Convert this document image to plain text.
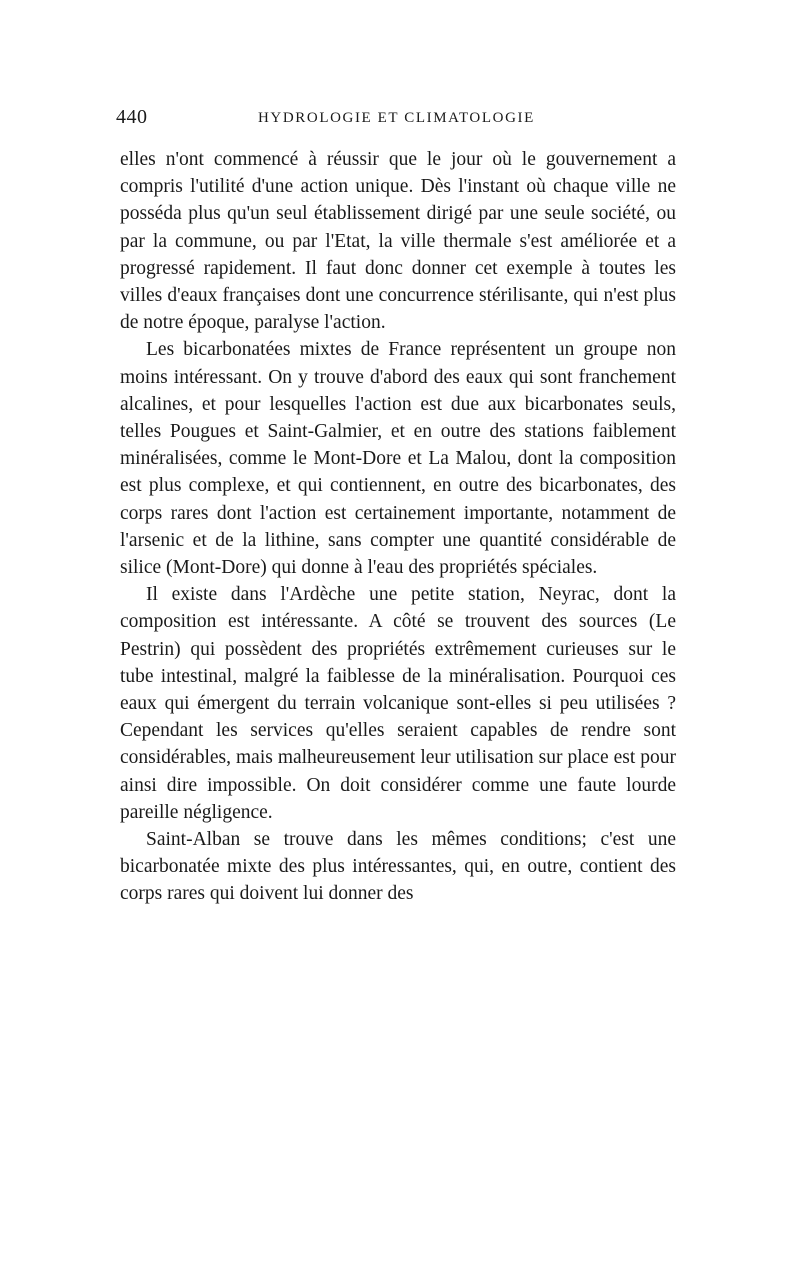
440	HYDROLOGIE ET CLIMATOLOGIE

elles n'ont commencé à réussir que le jour où le gouvernement a compris l'utilité d'une action unique. Dès l'instant où chaque ville ne posséda plus qu'un seul établissement dirigé par une seule société, ou par la commune, ou par l'Etat, la ville thermale s'est améliorée et a progressé rapidement. Il faut donc donner cet exemple à toutes les villes d'eaux françaises dont une concurrence stérilisante, qui n'est plus de notre époque, paralyse l'action.

Les bicarbonatées mixtes de France représentent un groupe non moins intéressant. On y trouve d'abord des eaux qui sont franchement alcalines, et pour lesquelles l'action est due aux bicarbonates seuls, telles Pougues et Saint-Galmier, et en outre des stations faiblement minéralisées, comme le Mont-Dore et La Malou, dont la composition est plus complexe, et qui contiennent, en outre des bicarbonates, des corps rares dont l'action est certainement importante, notamment de l'arsenic et de la lithine, sans compter une quantité considérable de silice (Mont-Dore) qui donne à l'eau des propriétés spéciales.

Il existe dans l'Ardèche une petite station, Neyrac, dont la composition est intéressante. A côté se trouvent des sources (Le Pestrin) qui possèdent des propriétés extrêmement curieuses sur le tube intestinal, malgré la faiblesse de la minéralisation. Pourquoi ces eaux qui émergent du terrain volcanique sont-elles si peu utilisées ? Cependant les services qu'elles seraient capables de rendre sont considérables, mais malheureusement leur utilisation sur place est pour ainsi dire impossible. On doit considérer comme une faute lourde pareille négligence.

Saint-Alban se trouve dans les mêmes conditions; c'est une bicarbonatée mixte des plus intéressantes, qui, en outre, contient des corps rares qui doivent lui donner des
